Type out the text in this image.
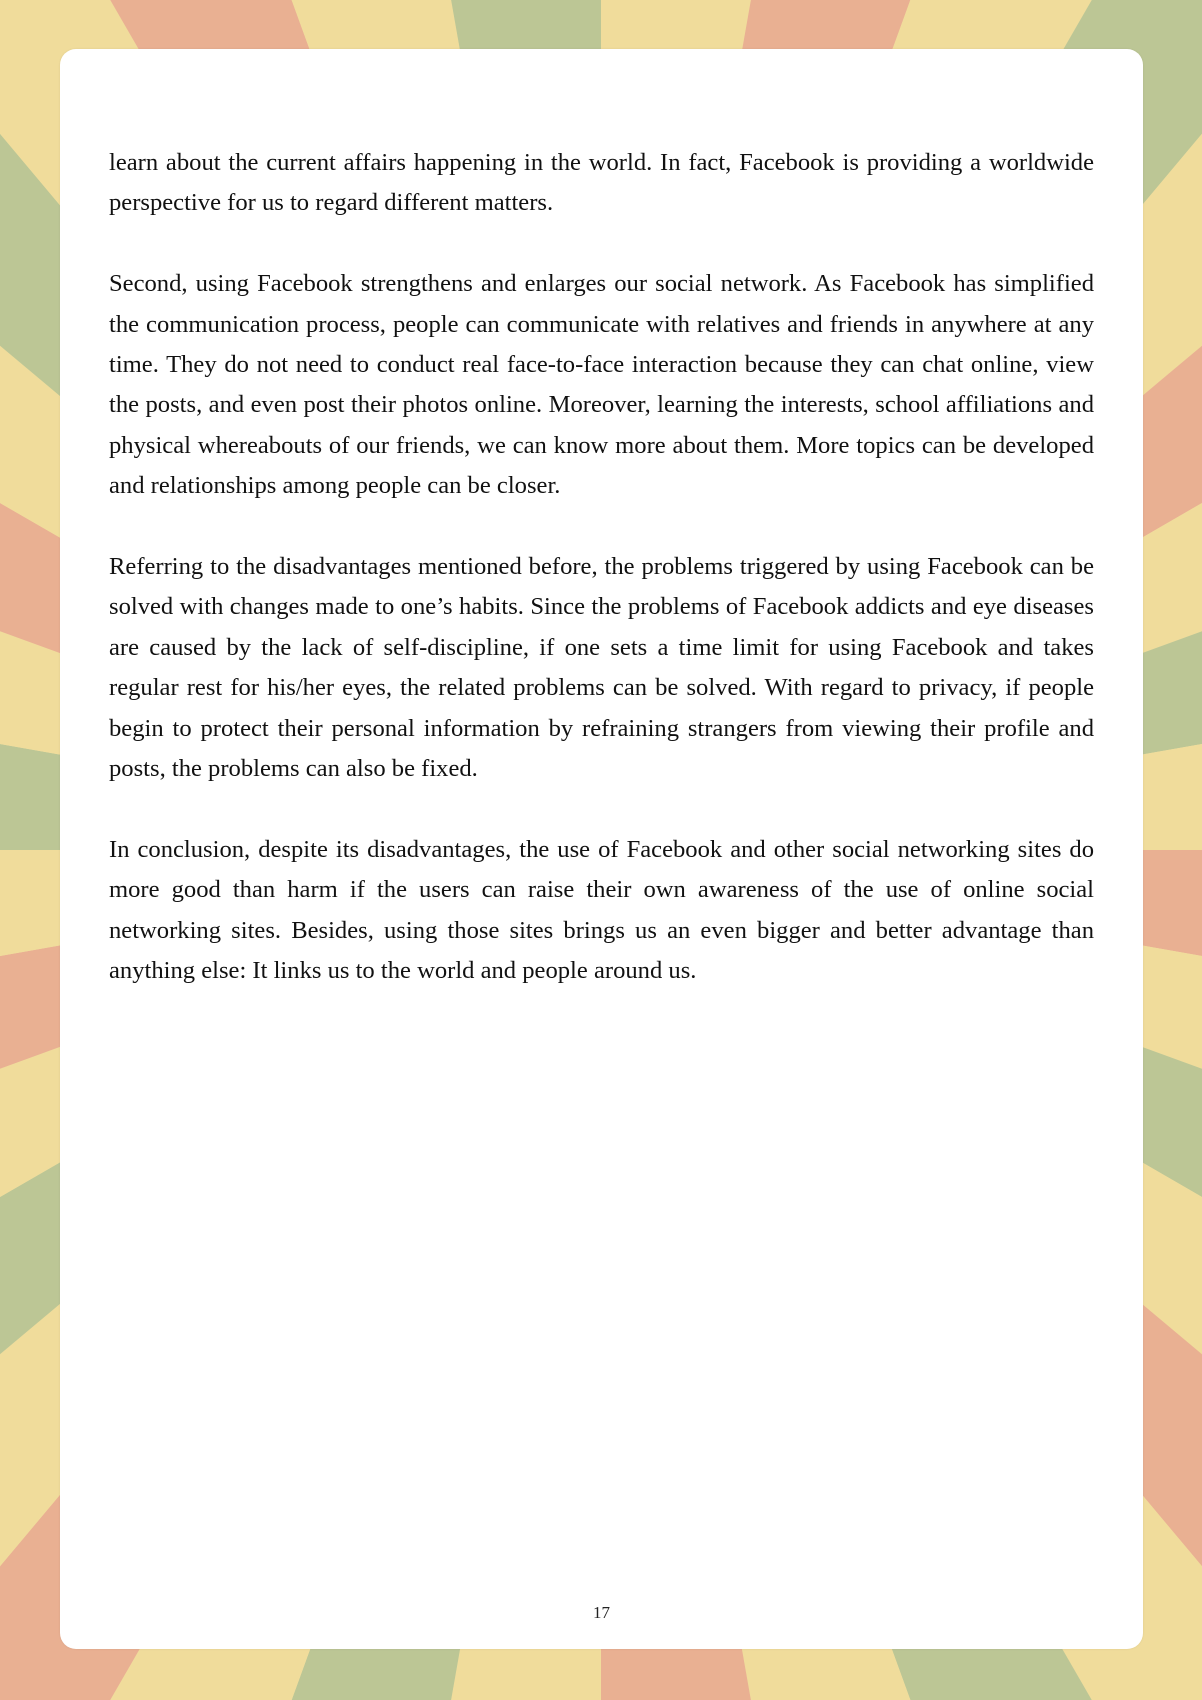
learn about the current affairs happening in the world. In fact, Facebook is providing a worldwide perspective for us to regard different matters.

Second, using Facebook strengthens and enlarges our social network. As Facebook has simplified the communication process, people can communicate with relatives and friends in anywhere at any time. They do not need to conduct real face-to-face interaction because they can chat online, view the posts, and even post their photos online. Moreover, learning the interests, school affiliations and physical whereabouts of our friends, we can know more about them. More topics can be developed and relationships among people can be closer.

Referring to the disadvantages mentioned before, the problems triggered by using Facebook can be solved with changes made to one’s habits. Since the problems of Facebook addicts and eye diseases are caused by the lack of self-discipline, if one sets a time limit for using Facebook and takes regular rest for his/her eyes, the related problems can be solved. With regard to privacy, if people begin to protect their personal information by refraining strangers from viewing their profile and posts, the problems can also be fixed.

In conclusion, despite its disadvantages, the use of Facebook and other social networking sites do more good than harm if the users can raise their own awareness of the use of online social networking sites. Besides, using those sites brings us an even bigger and better advantage than anything else: It links us to the world and people around us.

17
